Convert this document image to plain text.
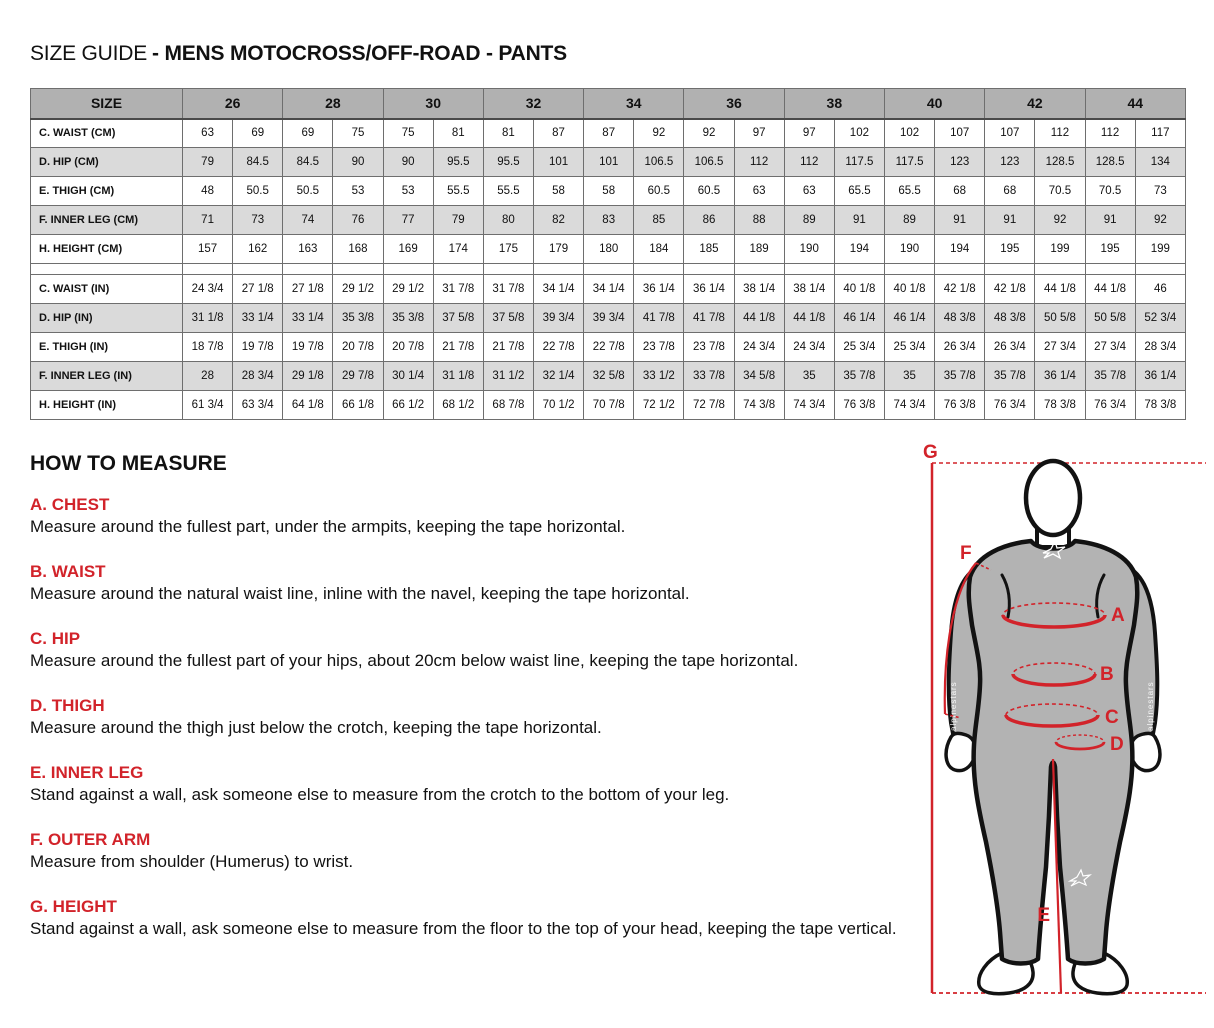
SIZE GUIDE - MENS MOTOCROSS/OFF-ROAD - PANTS
SIZE	26		28		30		32		34		36		38		40		42		44	
C. WAIST (CM)	63	69	69	75	75	81	81	87	87	92	92	97	97	102	102	107	107	112	112	117
D. HIP (CM)	79	84.5	84.5	90	90	95.5	95.5	101	101	106.5	106.5	112	112	117.5	117.5	123	123	128.5	128.5	134
E. THIGH (CM)	48	50.5	50.5	53	53	55.5	55.5	58	58	60.5	60.5	63	63	65.5	65.5	68	68	70.5	70.5	73
F. INNER LEG (CM)	71	73	74	76	77	79	80	82	83	85	86	88	89	91	89	91	91	92	91	92
H. HEIGHT (CM)	157	162	163	168	169	174	175	179	180	184	185	189	190	194	190	194	195	199	195	199

C. WAIST (IN)	24 3/4	27 1/8	27 1/8	29 1/2	29 1/2	31 7/8	31 7/8	34 1/4	34 1/4	36 1/4	36 1/4	38 1/4	38 1/4	40 1/8	40 1/8	42 1/8	42 1/8	44 1/8	44 1/8	46
D. HIP (IN)	31 1/8	33 1/4	33 1/4	35 3/8	35 3/8	37 5/8	37 5/8	39 3/4	39 3/4	41 7/8	41 7/8	44 1/8	44 1/8	46 1/4	46 1/4	48 3/8	48 3/8	50 5/8	50 5/8	52 3/4
E. THIGH (IN)	18 7/8	19 7/8	19 7/8	20 7/8	20 7/8	21 7/8	21 7/8	22 7/8	22 7/8	23 7/8	23 7/8	24 3/4	24 3/4	25 3/4	25 3/4	26 3/4	26 3/4	27 3/4	27 3/4	28 3/4
F. INNER LEG (IN)	28	28 3/4	29 1/8	29 7/8	30 1/4	31 1/8	31 1/2	32 1/4	32 5/8	33 1/2	33 7/8	34 5/8	35	35 7/8	35	35 7/8	35 7/8	36 1/4	35 7/8	36 1/4
H. HEIGHT (IN)	61 3/4	63 3/4	64 1/8	66 1/8	66 1/2	68 1/2	68 7/8	70 1/2	70 7/8	72 1/2	72 7/8	74 3/8	74 3/4	76 3/8	74 3/4	76 3/8	76 3/4	78 3/8	76 3/4	78 3/8
HOW TO MEASURE
A. CHEST
Measure around the fullest part, under the armpits, keeping the tape horizontal.
B. WAIST
Measure around the natural waist line, inline with the navel, keeping the tape horizontal.
C. HIP
Measure around the fullest part of your hips, about 20cm below waist line, keeping the tape horizontal.
D. THIGH
Measure around the thigh just below the crotch, keeping the tape horizontal.
E. INNER LEG
Stand against a wall, ask someone else to measure from the crotch to the bottom of your leg.
F. OUTER ARM
Measure from shoulder (Humerus) to wrist.
G. HEIGHT
Stand against a wall, ask someone else to measure from the floor to the top of your head, keeping the tape vertical.
alpinestars	alpinestars
G
F
A
B
C
D
E
